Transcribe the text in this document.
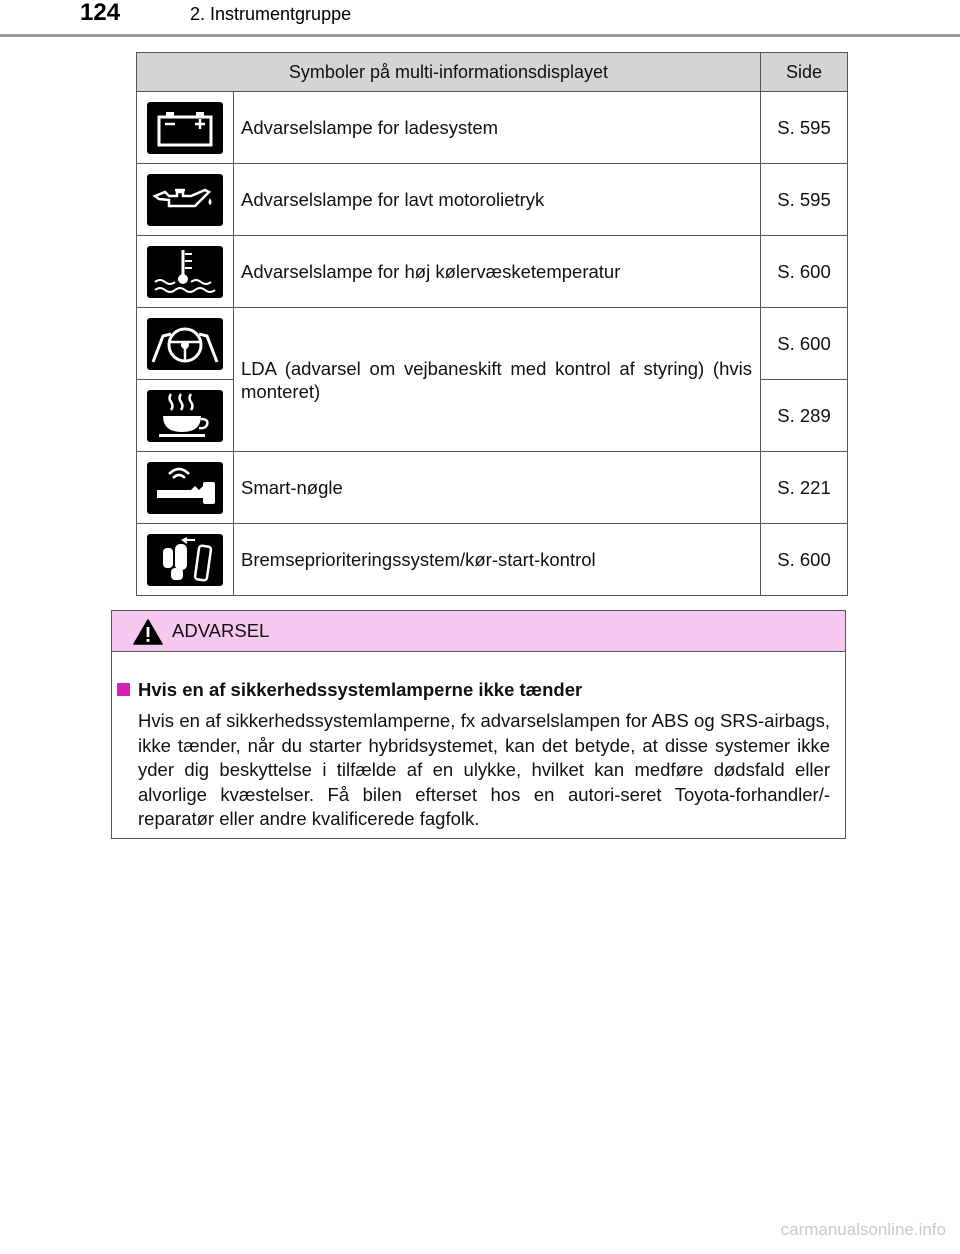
124	2. Instrumentgruppe
Symboler på multi-informationsdisplayet		Side

	Advarselslampe for ladesystem	S. 595

	Advarselslampe for lavt motorolietryk	S. 595

	Advarselslampe for høj kølervæsketemperatur	S. 600

	LDA (advarsel om vejbaneskift med kontrol af styring) (hvis monteret)	S. 600

	S. 289

	Smart-nøgle	S. 221

	Bremseprioriteringssystem/kør-start-kontrol	S. 600
ADVARSEL
Hvis en af sikkerhedssystemlamperne ikke tænder
Hvis en af sikkerhedssystemlamperne, fx advarselslampen for ABS og SRS-airbags, ikke tænder, når du starter hybridsystemet, kan det betyde, at disse systemer ikke yder dig beskyttelse i tilfælde af en ulykke, hvilket kan medføre dødsfald eller alvorlige kvæstelser. Få bilen efterset hos en autori-seret Toyota-forhandler/-reparatør eller andre kvalificerede fagfolk.
carmanualsonline.info
